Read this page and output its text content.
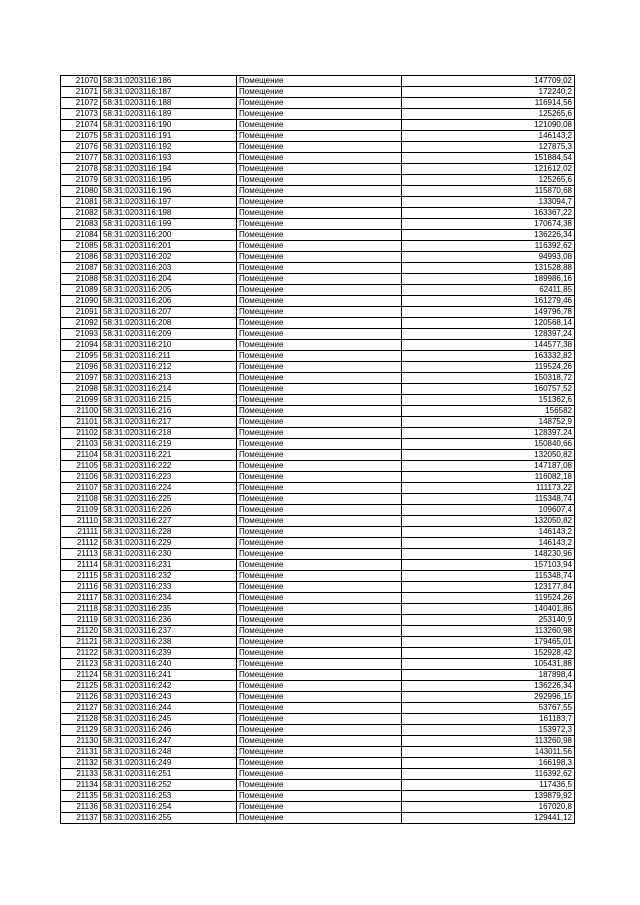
21070	58:31:0203116:186	Помещение	147709,02
21071	58:31:0203116:187	Помещение	172240,2
21072	58:31:0203116:188	Помещение	116914,56
21073	58:31:0203116:189	Помещение	125265,6
21074	58:31:0203116:190	Помещение	121090,08
21075	58:31:0203116:191	Помещение	146143,2
21076	58:31:0203116:192	Помещение	127875,3
21077	58:31:0203116:193	Помещение	151884,54
21078	58:31:0203116:194	Помещение	121612,02
21079	58:31:0203116:195	Помещение	125265,6
21080	58:31:0203116:196	Помещение	115870,68
21081	58:31:0203116:197	Помещение	133094,7
21082	58:31:0203116:198	Помещение	163367,22
21083	58:31:0203116:199	Помещение	170674,38
21084	58:31:0203116:200	Помещение	136226,34
21085	58:31:0203116:201	Помещение	116392,62
21086	58:31:0203116:202	Помещение	94993,08
21087	58:31:0203116:203	Помещение	131528,88
21088	58:31:0203116:204	Помещение	189986,16
21089	58:31:0203116:205	Помещение	62411,85
21090	58:31:0203116:206	Помещение	161279,46
21091	58:31:0203116:207	Помещение	149796,78
21092	58:31:0203116:208	Помещение	120568,14
21093	58:31:0203116:209	Помещение	128397,24
21094	58:31:0203116:210	Помещение	144577,38
21095	58:31:0203116:211	Помещение	163332,82
21096	58:31:0203116:212	Помещение	119524,26
21097	58:31:0203116:213	Помещение	150318,72
21098	58:31:0203116:214	Помещение	160757,52
21099	58:31:0203116:215	Помещение	151362,6
21100	58:31:0203116:216	Помещение	156582
21101	58:31:0203116:217	Помещение	148752,9
21102	58:31:0203116:218	Помещение	128397,24
21103	58:31:0203116:219	Помещение	150840,66
21104	58:31:0203116:221	Помещение	132050,82
21105	58:31:0203116:222	Помещение	147187,08
21106	58:31:0203116:223	Помещение	116082,18
21107	58:31:0203116:224	Помещение	111173,22
21108	58:31:0203116:225	Помещение	115348,74
21109	58:31:0203116:226	Помещение	109607,4
21110	58:31:0203116:227	Помещение	132050,82
21111	58:31:0203116:228	Помещение	146143,2
21112	58:31:0203116:229	Помещение	146143,2
21113	58:31:0203116:230	Помещение	148230,96
21114	58:31:0203116:231	Помещение	157103,94
21115	58:31:0203116:232	Помещение	115348,74
21116	58:31:0203116:233	Помещение	123177,84
21117	58:31:0203116:234	Помещение	119524,26
21118	58:31:0203116:235	Помещение	140401,86
21119	58:31:0203116:236	Помещение	253140,9
21120	58:31:0203116:237	Помещение	113260,98
21121	58:31:0203116:238	Помещение	179465,01
21122	58:31:0203116:239	Помещение	152928,42
21123	58:31:0203116:240	Помещение	105431,88
21124	58:31:0203116:241	Помещение	187898,4
21125	58:31:0203116:242	Помещение	136226,34
21126	58:31:0203116:243	Помещение	292996,15
21127	58:31:0203116:244	Помещение	53767,55
21128	58:31:0203116:245	Помещение	161183,7
21129	58:31:0203116:246	Помещение	153972,3
21130	58:31:0203116:247	Помещение	113260,98
21131	58:31:0203116:248	Помещение	143011,56
21132	58:31:0203116:249	Помещение	166198,3
21133	58:31:0203116:251	Помещение	116392,62
21134	58:31:0203116:252	Помещение	117436,5
21135	58:31:0203116:253	Помещение	139879,92
21136	58:31:0203116:254	Помещение	167020,8
21137	58:31:0203116:255	Помещение	129441,12
